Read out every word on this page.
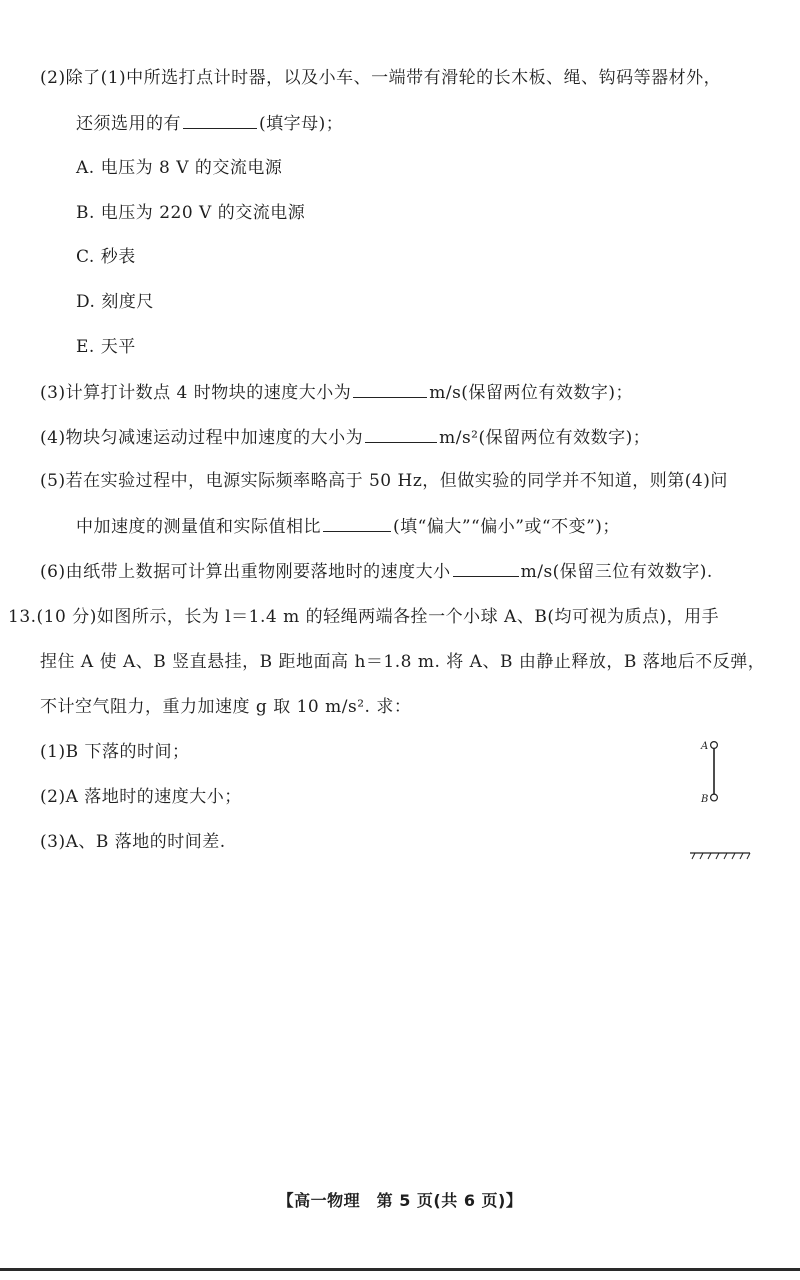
(2)除了(1)中所选打点计时器，以及小车、一端带有滑轮的长木板、绳、钩码等器材外，
还须选用的有	(填字母)；
A. 电压为 8 V 的交流电源
B. 电压为 220 V 的交流电源
C. 秒表
D. 刻度尺
E. 天平
(3)计算打计数点 4 时物块的速度大小为	m/s(保留两位有效数字)；
(4)物块匀减速运动过程中加速度的大小为	m/s²(保留两位有效数字)；
(5)若在实验过程中，电源实际频率略高于 50 Hz，但做实验的同学并不知道，则第(4)问
中加速度的测量值和实际值相比	(填“偏大”“偏小”或“不变”)；
(6)由纸带上数据可计算出重物刚要落地时的速度大小	m/s(保留三位有效数字).
13.(10 分)如图所示，长为 l＝1.4 m 的轻绳两端各拴一个小球 A、B(均可视为质点)，用手
捏住 A 使 A、B 竖直悬挂，B 距地面高 h＝1.8 m. 将 A、B 由静止释放，B 落地后不反弹，
不计空气阻力，重力加速度 g 取 10 m/s². 求：
(1)B 下落的时间；
(2)A 落地时的速度大小；
(3)A、B 落地的时间差.
A
B
【高一物理　第 5 页(共 6 页)】
